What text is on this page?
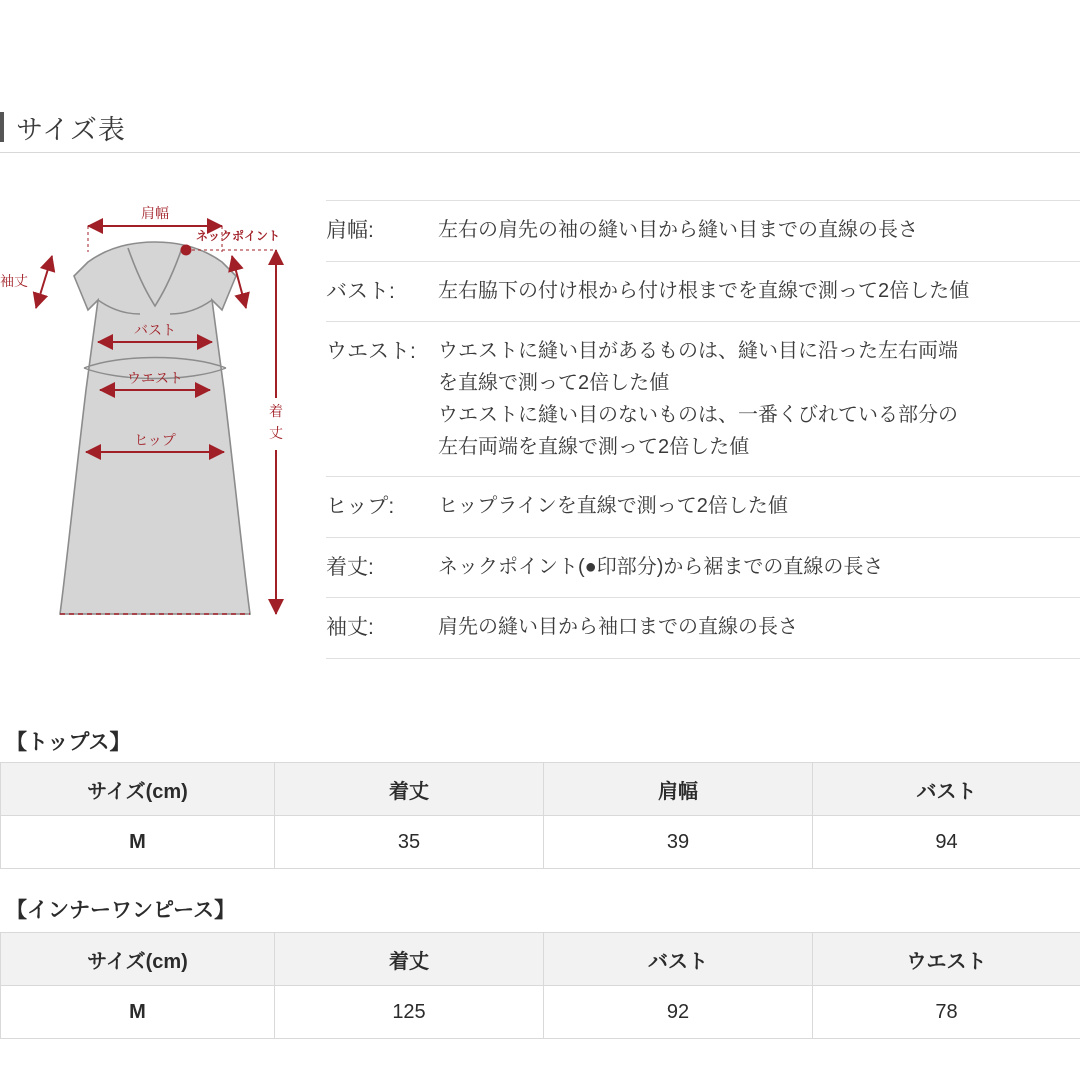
サイズ表
肩幅
ネックポイント
袖丈
バスト
ウエスト
ヒップ
着
丈
肩幅:	左右の肩先の袖の縫い目から縫い目までの直線の長さ
バスト:	左右脇下の付け根から付け根までを直線で測って2倍した値
ウエスト:	ウエストに縫い目があるものは、縫い目に沿った左右両端
を直線で測って2倍した値
ウエストに縫い目のないものは、一番くびれている部分の
左右両端を直線で測って2倍した値
ヒップ:	ヒップラインを直線で測って2倍した値
着丈:	ネックポイント(●印部分)から裾までの直線の長さ
袖丈:	肩先の縫い目から袖口までの直線の長さ
【トップス】
サイズ(cm)	着丈	肩幅	バスト
M	35	39	94
【インナーワンピース】
サイズ(cm)	着丈	バスト	ウエスト
M	125	92	78
